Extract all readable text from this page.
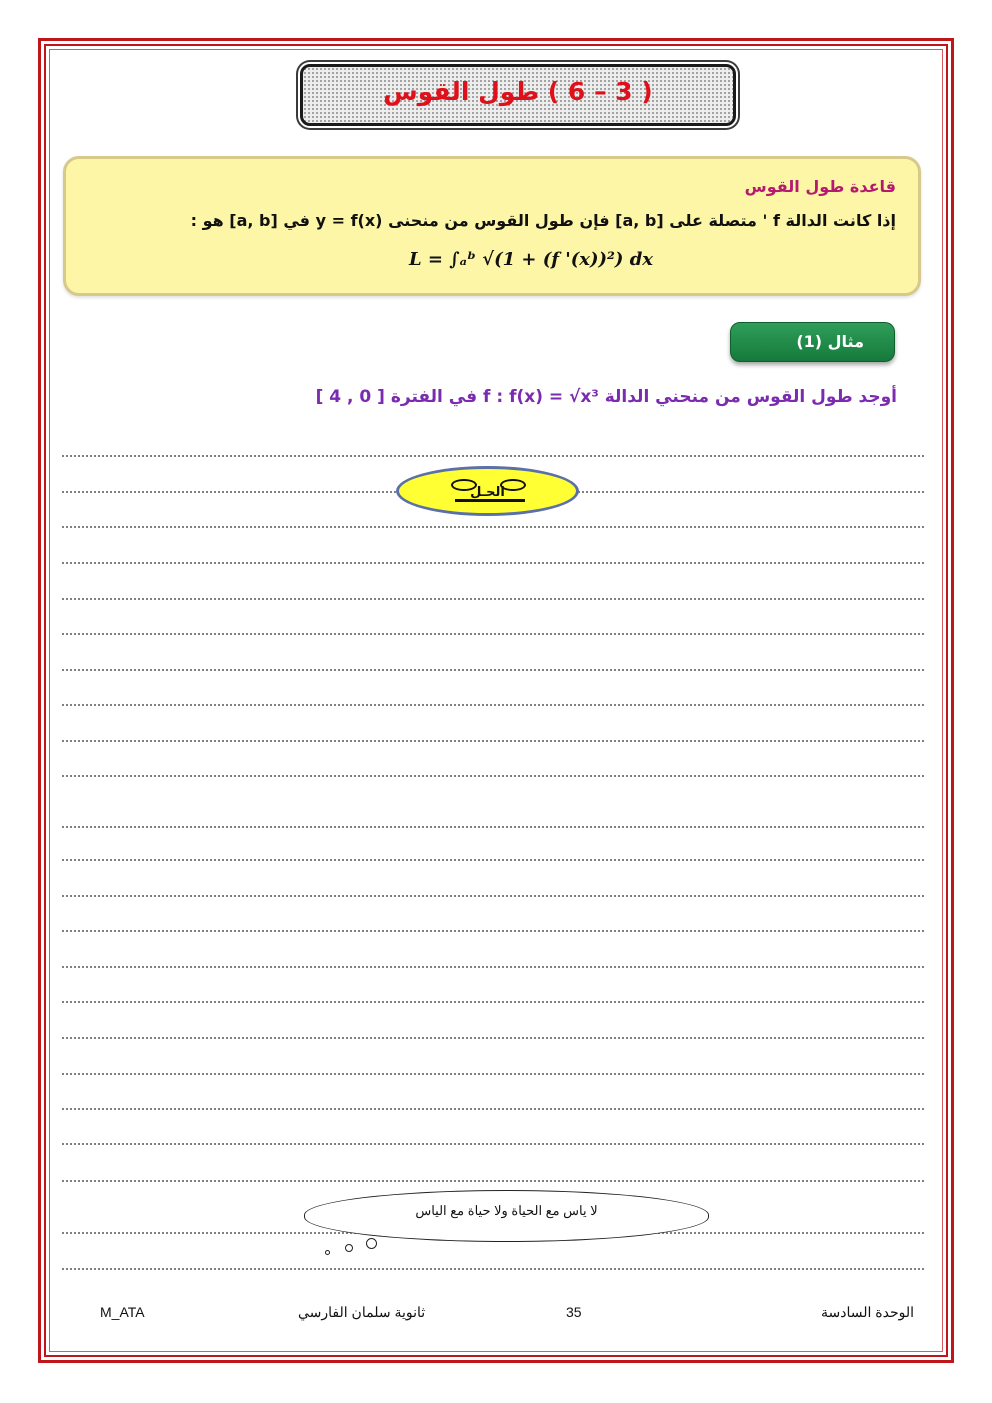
( 3 – 6 ) طول القوس
قاعدة طول القوس
إذا كانت الدالة f ' متصلة على [a, b] فإن طول القوس من منحنى y = f(x) في [a, b] هو :
L = ∫ₐᵇ √(1 + (f '(x))²) dx
مثال (1)
أوجد طول القوس من منحني الدالة f : f(x) = √x³ في الفترة [ 0 , 4 ]
الحـل
لا ياس مع الحياة ولا حياة مع الياس
الوحدة السادسة
35
ثانوية سلمان الفارسي
M_ATA
